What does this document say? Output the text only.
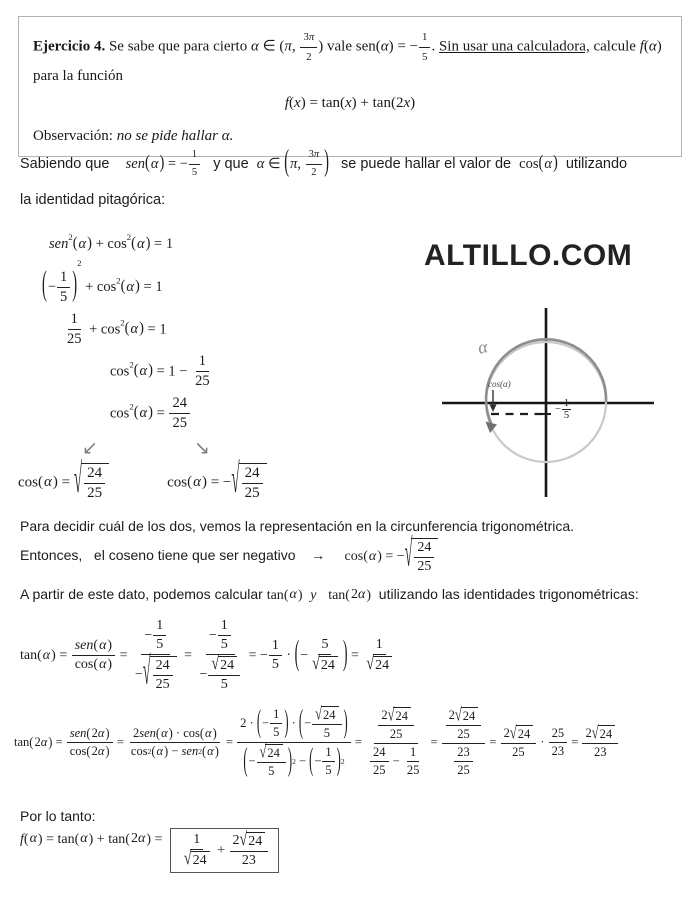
Ejercicio 4. Se sabe que para cierto α ∈ (π, $\frac{3 \pi}{2}$ ) vale sen(α) = − $\frac{1}{5}$ . Sin usar una calculadora, calcule f(α) para la función
f(x) = tan(x) + tan(2x)
Observación: no se pide hallar α.
Sabiendo que    sen ( α ) = − $\frac{1}{5}$ y que  α ∈ ( π , $\frac{3 \pi}{2}$ ) se puede hallar el valor de  cos ( α ) utilizando
la identidad pitagórica:
sen$^2$ ( α ) + $\cos^2$ ( α ) = 1
( − $\frac{1}{5}$ )
$^2 + \cos^2$ ( α ) = 1
$\frac{1}{25} + \cos^2$ ( α ) = 1
$\cos^2$ ( α ) = $1 - \frac{1}{25}$
$\cos^2$ ( α ) = $\frac{24}{25}$
↙	↘
cos ( α ) = √ $\frac{24}{25}$	cos ( α ) = − √ $\frac{24}{25}$
ALTILLO.COM
α
cos(α)
− $\frac{1}{5}$
Para decidir cuál de los dos, vemos la representación en la circunferencia trigonométrica.
Entonces,   el coseno tiene que ser negativo    → cos ( α ) = − √ $\frac{24}{25}$
A partir de este dato, podemos calcular tan ( α ) y tan ( 2 α ) utilizando las identidades trigonométricas:
tan ( α ) = $\frac{\text{sen ( α )}}{\cos ( \alpha )} = \frac{- \frac{1}{5}}{- √ \frac{24}{25}} = \frac{- \frac{1}{5}}{- \frac{√ 24}{5}}$ = − $\frac{1}{5}$ · ( − $\frac{5}{√ 24}$ ) = $\frac{1}{√ 24}$
tan ( 2 α ) = $\frac{\text{sen ( 2 α )}}{\cos ( 2 \alpha )} = \frac{\text{2 sen ( α ) · cos ( α )}}{\text{cos 2 ( α ) − sen 2 ( α )}} = \frac{2 \cdot ( - \frac{1}{5} ) \cdot ( - \frac{√ 24}{5} )}{( - \frac{√ 24}{5} ) 2 - ( - \frac{1}{5} ) 2} = \frac{\frac{2 √ 24}{25}}{\frac{24}{25} - \frac{1}{25}} = \frac{\frac{2 √ 24}{25}}{\frac{23}{25}} = \frac{2 √ 24}{25} \cdot \frac{25}{23} = \frac{2 √ 24}{23}$
Por lo tanto:
f ( α ) = tan ( α ) + tan ( 2 α ) = $\frac{1}{√ 24} + \frac{2 √ 24}{23}$
